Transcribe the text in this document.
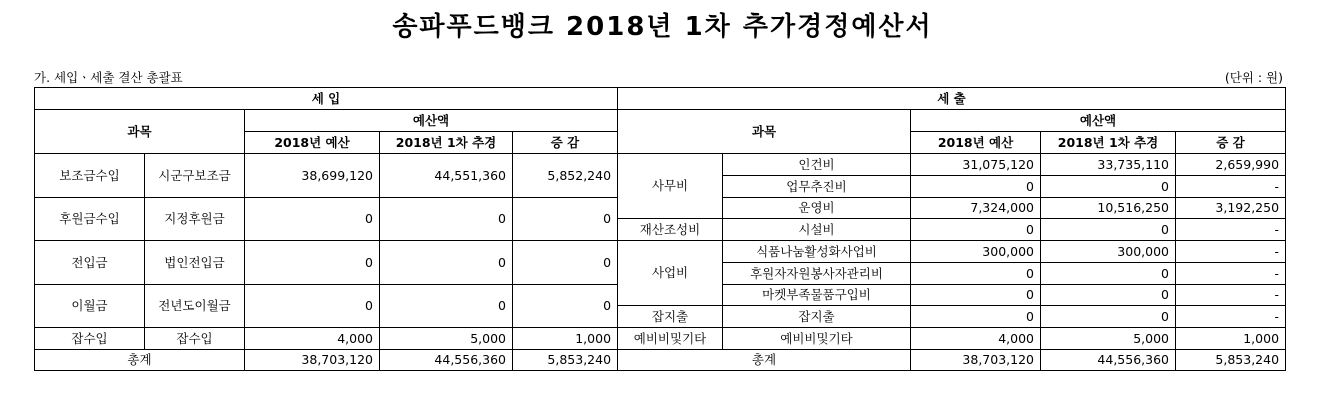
송파푸드뱅크 2018년 1차 추가경정예산서
가. 세입ㆍ세출 결산 총괄표	(단위 : 원)
세 입				
과목		예산액		
		2018년 예산	2018년 1차 추경	증 감
보조금수입	시군구보조금	38,699,120	44,551,360	5,852,240
후원금수입	지정후원금	0	0	0
전입금	법인전입금	0	0	0
이월금	전년도이월금	0	0	0
잡수입	잡수입	4,000	5,000	1,000
총계		38,703,120	44,556,360	5,853,240
세 출				
과목		예산액		
		2018년 예산	2018년 1차 추경	증 감
사무비	인건비	31,075,120	33,735,110	2,659,990
	업무추진비	0	0	-
	운영비	7,324,000	10,516,250	3,192,250
재산조성비	시설비	0	0	-
사업비	식품나눔활성화사업비	300,000	300,000	-
	후원자자원봉사자관리비	0	0	-
	마켓부족물품구입비	0	0	-
잡지출	잡지출	0	0	-
예비비및기타	예비비및기타	4,000	5,000	1,000
총계		38,703,120	44,556,360	5,853,240
